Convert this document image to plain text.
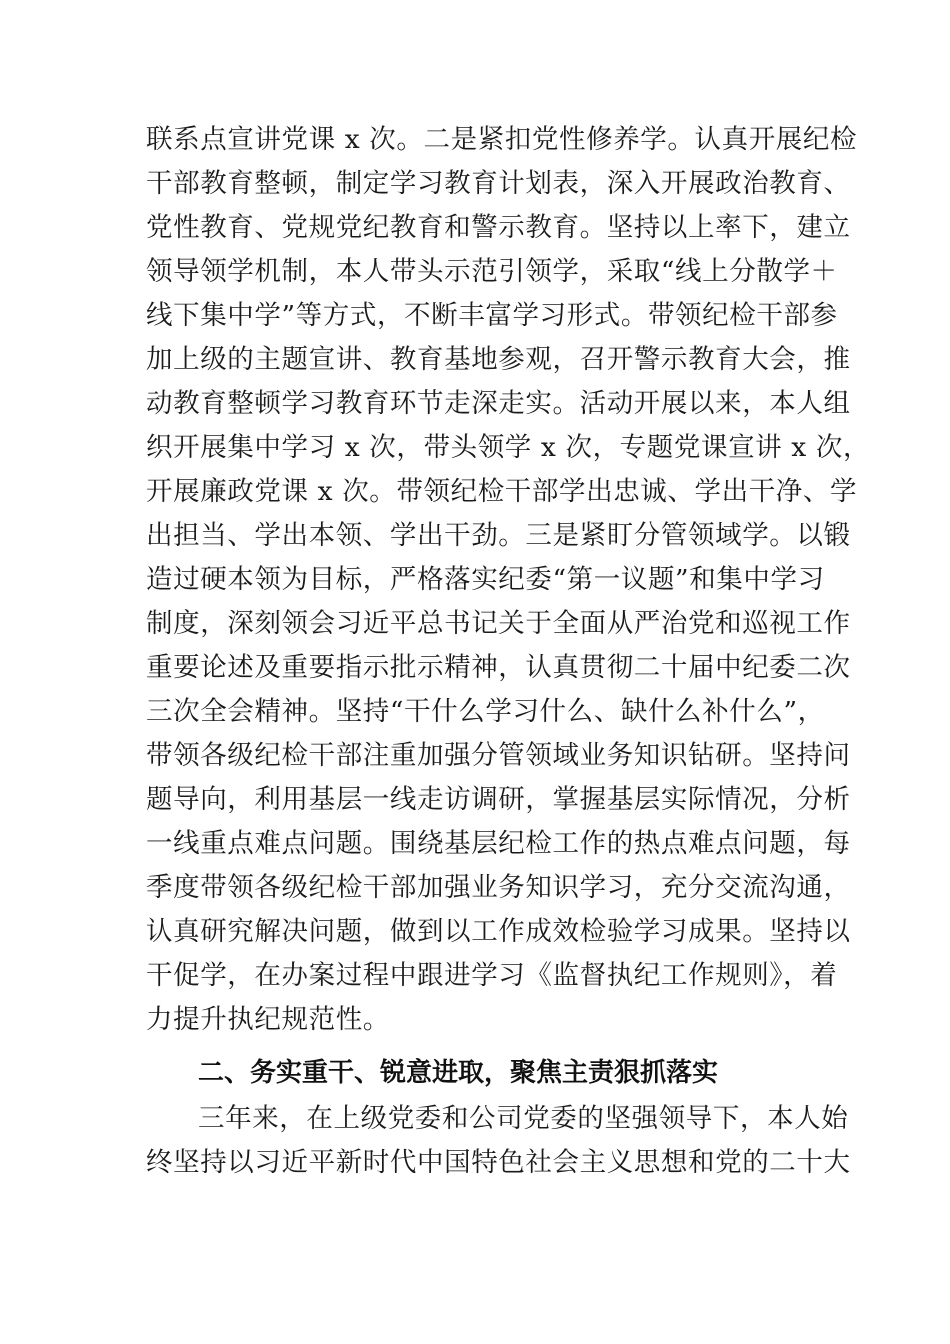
联系点宣讲党课 x 次。二是紧扣党性修养学。认真开展纪检
干部教育整顿，制定学习教育计划表，深入开展政治教育、
党性教育、党规党纪教育和警示教育。坚持以上率下，建立
领导领学机制，本人带头示范引领学，采取“线上分散学＋
线下集中学”等方式，不断丰富学习形式。带领纪检干部参
加上级的主题宣讲、教育基地参观，召开警示教育大会，推
动教育整顿学习教育环节走深走实。活动开展以来，本人组
织开展集中学习 x 次，带头领学 x 次，专题党课宣讲 x 次，
开展廉政党课 x 次。带领纪检干部学出忠诚、学出干净、学
出担当、学出本领、学出干劲。三是紧盯分管领域学。以锻
造过硬本领为目标，严格落实纪委“第一议题”和集中学习
制度，深刻领会习近平总书记关于全面从严治党和巡视工作
重要论述及重要指示批示精神，认真贯彻二十届中纪委二次
三次全会精神。坚持“干什么学习什么、缺什么补什么”，
带领各级纪检干部注重加强分管领域业务知识钻研。坚持问
题导向，利用基层一线走访调研，掌握基层实际情况，分析
一线重点难点问题。围绕基层纪检工作的热点难点问题，每
季度带领各级纪检干部加强业务知识学习，充分交流沟通，
认真研究解决问题，做到以工作成效检验学习成果。坚持以
干促学，在办案过程中跟进学习《监督执纪工作规则》，着
力提升执纪规范性。
二、务实重干、锐意进取，聚焦主责狠抓落实
三年来，在上级党委和公司党委的坚强领导下，本人始
终坚持以习近平新时代中国特色社会主义思想和党的二十大
